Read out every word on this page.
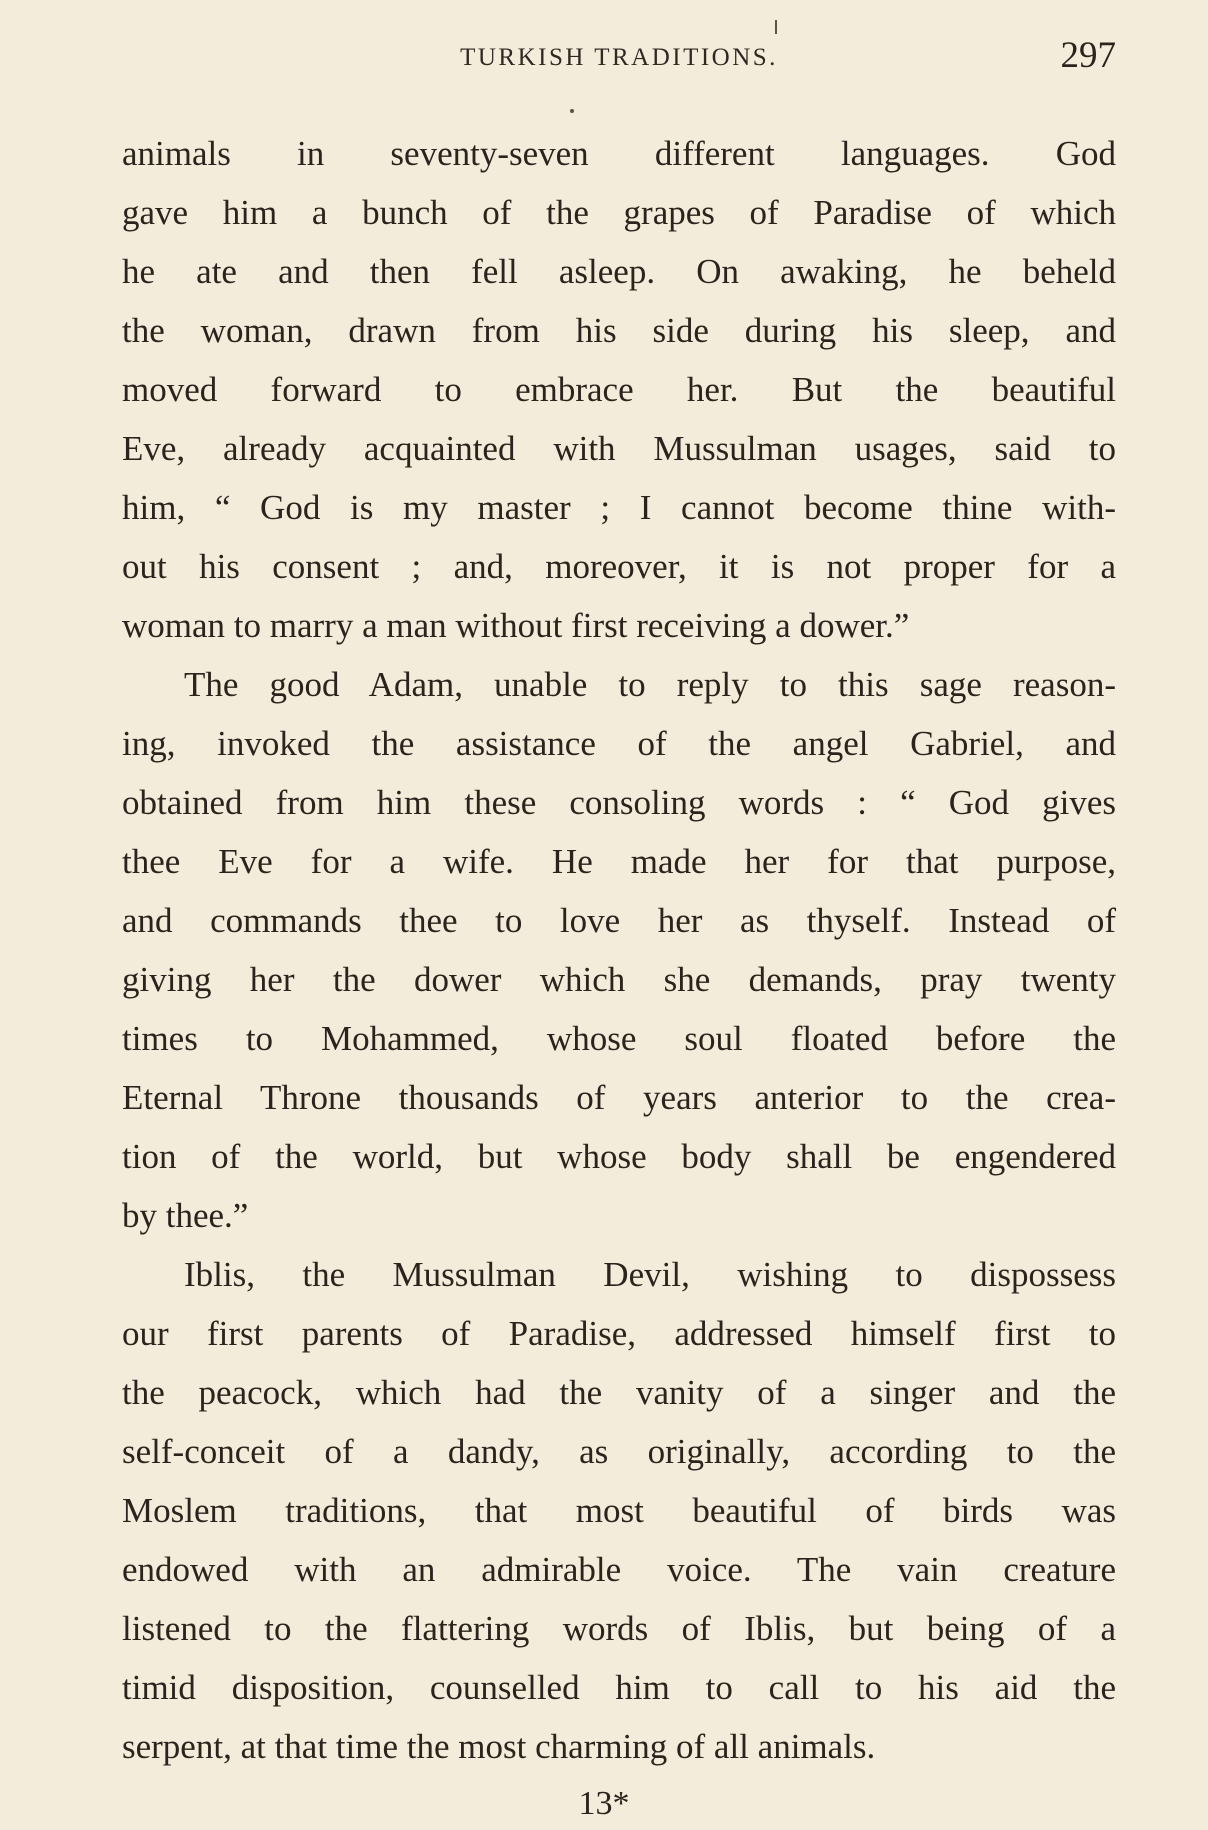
TURKISH TRADITIONS.	297
animals in seventy-seven different languages. God
gave him a bunch of the grapes of Paradise of which
he ate and then fell asleep. On awaking, he beheld
the woman, drawn from his side during his sleep, and
moved forward to embrace her. But the beautiful
Eve, already acquainted with Mussulman usages, said to
him, “ God is my master ; I cannot become thine with-
out his consent ; and, moreover, it is not proper for a
woman to marry a man without first receiving a dower.”
The good Adam, unable to reply to this sage reason-
ing, invoked the assistance of the angel Gabriel, and
obtained from him these consoling words : “ God gives
thee Eve for a wife. He made her for that purpose,
and commands thee to love her as thyself. Instead of
giving her the dower which she demands, pray twenty
times to Mohammed, whose soul floated before the
Eternal Throne thousands of years anterior to the crea-
tion of the world, but whose body shall be engendered
by thee.”
Iblis, the Mussulman Devil, wishing to dispossess
our first parents of Paradise, addressed himself first to
the peacock, which had the vanity of a singer and the
self-conceit of a dandy, as originally, according to the
Moslem traditions, that most beautiful of birds was
endowed with an admirable voice. The vain creature
listened to the flattering words of Iblis, but being of a
timid disposition, counselled him to call to his aid the
serpent, at that time the most charming of all animals.
13*
